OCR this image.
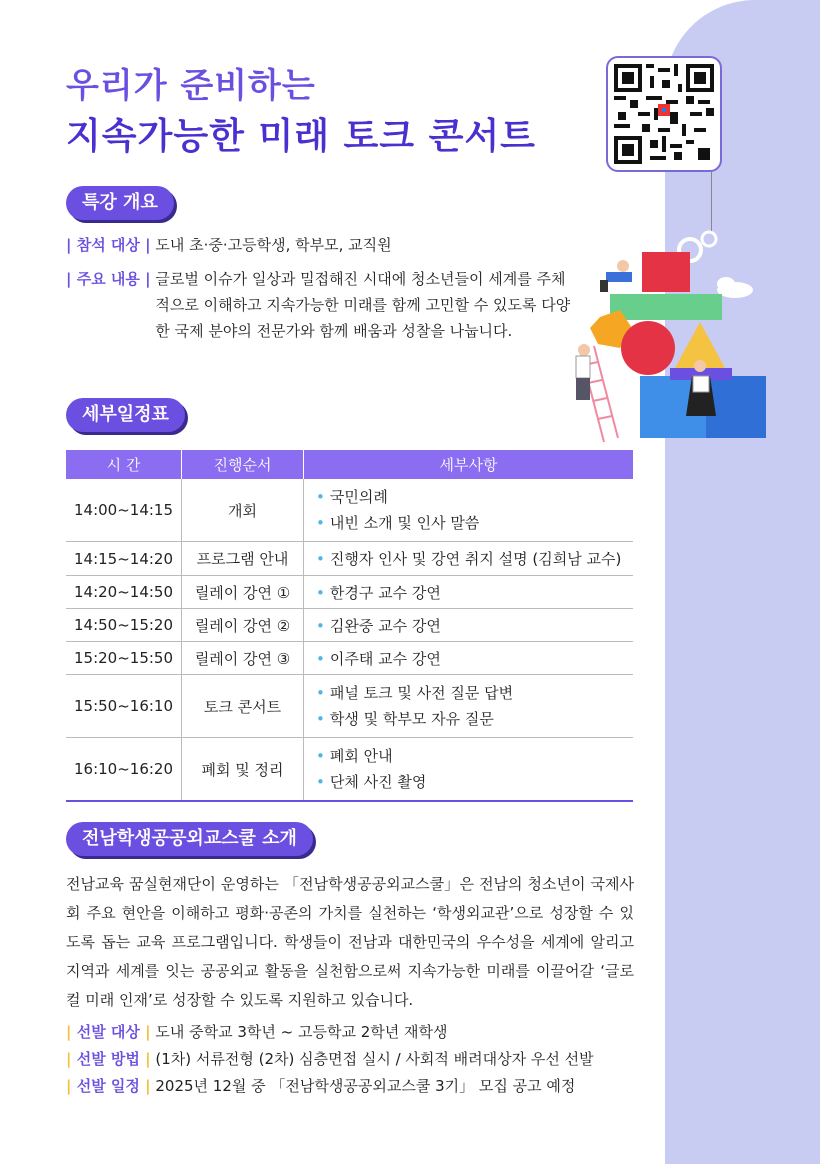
우리가 준비하는
지속가능한 미래 토크 콘서트
특강 개요
| 참석 대상 | 도내 초·중·고등학생, 학부모, 교직원
| 주요 내용 | 글로벌 이슈가 일상과 밀접해진 시대에 청소년들이 세계를 주체적으로 이해하고 지속가능한 미래를 함께 고민할 수 있도록 다양한 국제 분야의 전문가와 함께 배움과 성찰을 나눕니다.
세부일정표
시 간	진행순서	세부사항
14:00~14:15	개회	• 국민의례
• 내빈 소개 및 인사 말씀

14:15~14:20	프로그램 안내	• 진행자 인사 및 강연 취지 설명 (김희남 교수)
14:20~14:50	릴레이 강연 ①	• 한경구 교수 강연
14:50~15:20	릴레이 강연 ②	• 김완중 교수 강연
15:20~15:50	릴레이 강연 ③	• 이주태 교수 강연
15:50~16:10	토크 콘서트	• 패널 토크 및 사전 질문 답변
• 학생 및 학부모 자유 질문

16:10~16:20	폐회 및 정리	• 폐회 안내
• 단체 사진 촬영
전남학생공공외교스쿨 소개
전남교육 꿈실현재단이 운영하는 「전남학생공공외교스쿨」은 전남의 청소년이 국제사회 주요 현안을 이해하고 평화·공존의 가치를 실천하는 ‘학생외교관’으로 성장할 수 있도록 돕는 교육 프로그램입니다. 학생들이 전남과 대한민국의 우수성을 세계에 알리고 지역과 세계를 잇는 공공외교 활동을 실천함으로써 지속가능한 미래를 이끌어갈 ‘글로컬 미래 인재’로 성장할 수 있도록 지원하고 있습니다.
| 선발 대상 | 도내 중학교 3학년 ~ 고등학교 2학년 재학생
| 선발 방법 | (1차) 서류전형 (2차) 심층면접 실시 / 사회적 배려대상자 우선 선발
| 선발 일정 | 2025년 12월 중 「전남학생공공외교스쿨 3기」 모집 공고 예정
